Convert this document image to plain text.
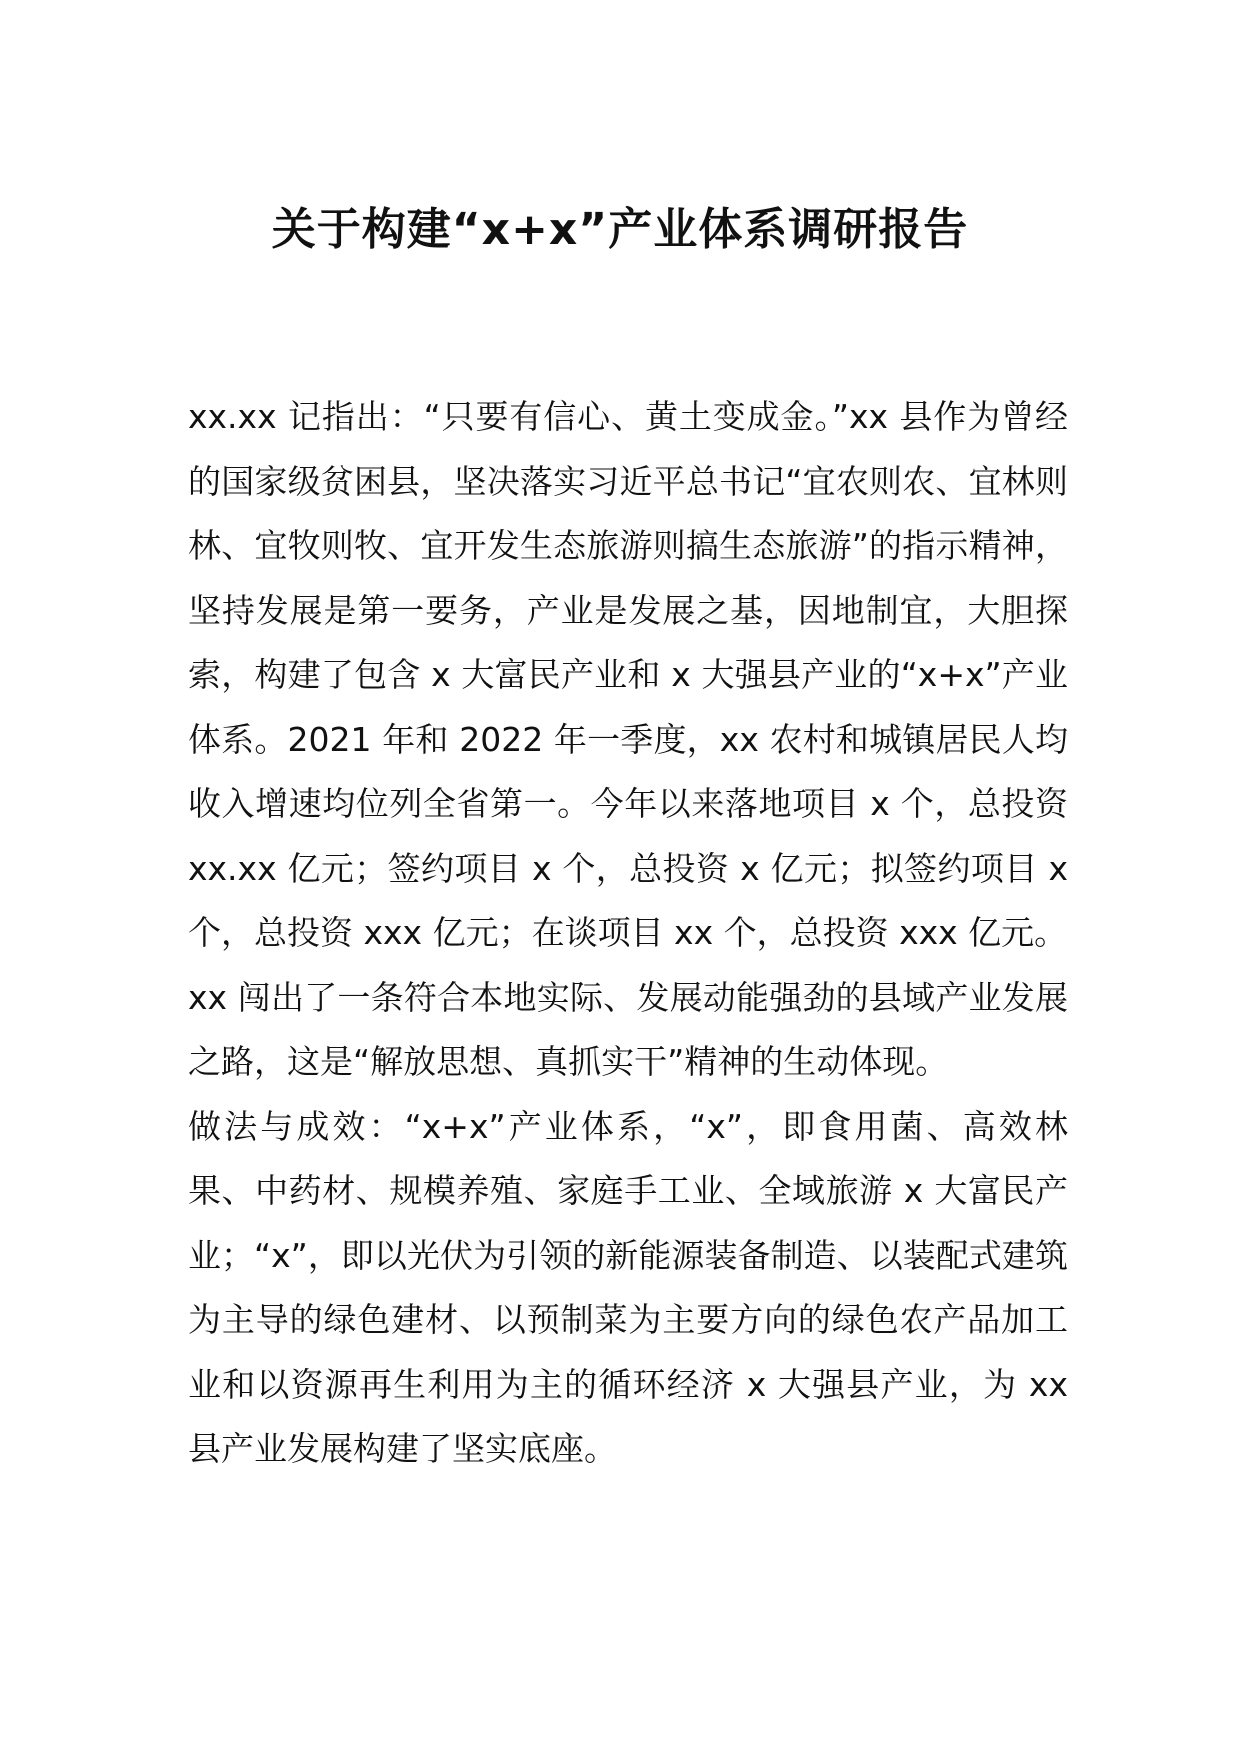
关于构建“x+x”产业体系调研报告

xx.xx 记指出：“只要有信心、黄土变成金。”xx 县作为曾经的国家级贫困县，坚决落实习近平总书记“宜农则农、宜林则林、宜牧则牧、宜开发生态旅游则搞生态旅游”的指示精神，坚持发展是第一要务，产业是发展之基，因地制宜，大胆探索，构建了包含 x 大富民产业和 x 大强县产业的“x+x”产业体系。2021 年和 2022 年一季度，xx 农村和城镇居民人均收入增速均位列全省第一。今年以来落地项目 x 个，总投资 xx.xx 亿元；签约项目 x 个，总投资 x 亿元；拟签约项目 x 个，总投资 xxx 亿元；在谈项目 xx 个，总投资 xxx 亿元。

xx 闯出了一条符合本地实际、发展动能强劲的县域产业发展之路，这是“解放思想、真抓实干”精神的生动体现。

做法与成效：“x+x”产业体系，“x”，即食用菌、高效林果、中药材、规模养殖、家庭手工业、全域旅游 x 大富民产业；“x”，即以光伏为引领的新能源装备制造、以装配式建筑为主导的绿色建材、以预制菜为主要方向的绿色农产品加工业和以资源再生利用为主的循环经济 x 大强县产业，为 xx 县产业发展构建了坚实底座。
